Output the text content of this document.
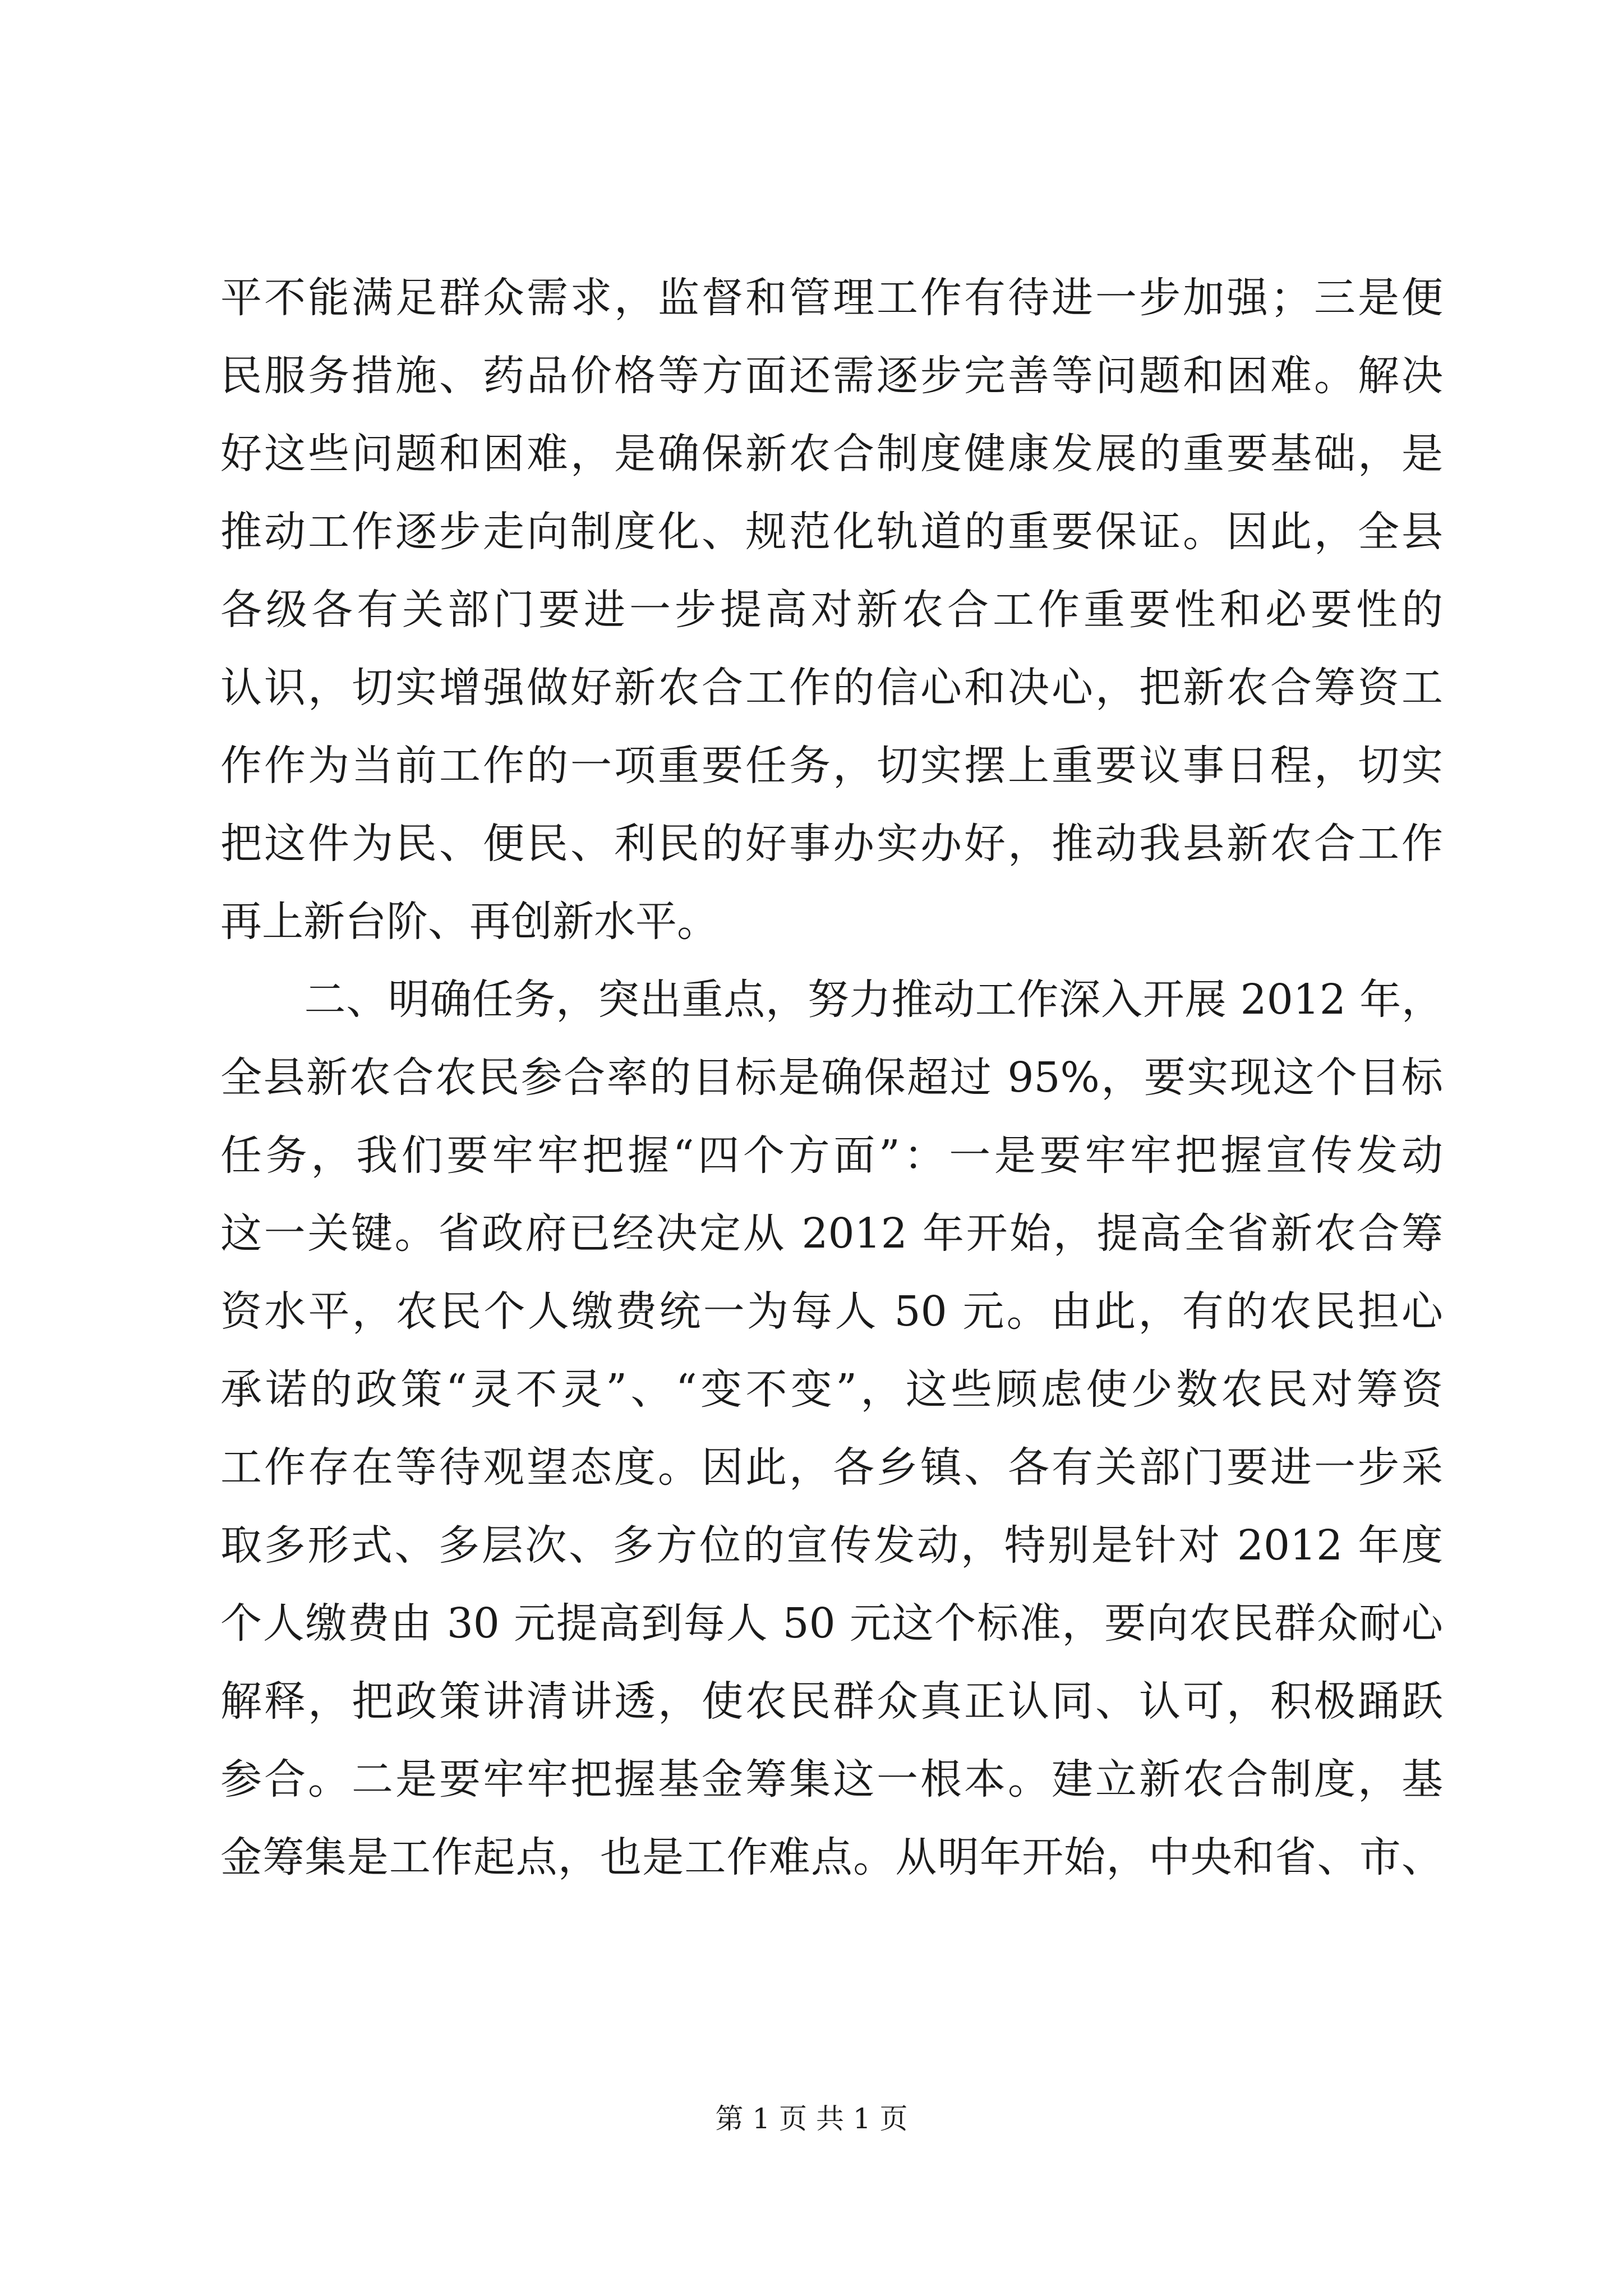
平不能满足群众需求，监督和管理工作有待进一步加强；三是便
民服务措施、药品价格等方面还需逐步完善等问题和困难。解决
好这些问题和困难，是确保新农合制度健康发展的重要基础，是
推动工作逐步走向制度化、规范化轨道的重要保证。因此，全县
各级各有关部门要进一步提高对新农合工作重要性和必要性的
认识，切实增强做好新农合工作的信心和决心，把新农合筹资工
作作为当前工作的一项重要任务，切实摆上重要议事日程，切实
把这件为民、便民、利民的好事办实办好，推动我县新农合工作
再上新台阶、再创新水平。
　　二、明确任务，突出重点，努力推动工作深入开展 2012 年，
全县新农合农民参合率的目标是确保超过 95%，要实现这个目标
任务，我们要牢牢把握“四个方面”：一是要牢牢把握宣传发动
这一关键。省政府已经决定从 2012 年开始，提高全省新农合筹
资水平，农民个人缴费统一为每人 50 元。由此，有的农民担心
承诺的政策“灵不灵”、“变不变”，这些顾虑使少数农民对筹资
工作存在等待观望态度。因此，各乡镇、各有关部门要进一步采
取多形式、多层次、多方位的宣传发动，特别是针对 2012 年度
个人缴费由 30 元提高到每人 50 元这个标准，要向农民群众耐心
解释，把政策讲清讲透，使农民群众真正认同、认可，积极踊跃
参合。二是要牢牢把握基金筹集这一根本。建立新农合制度，基
金筹集是工作起点，也是工作难点。从明年开始，中央和省、市、
第 1 页 共 1 页
